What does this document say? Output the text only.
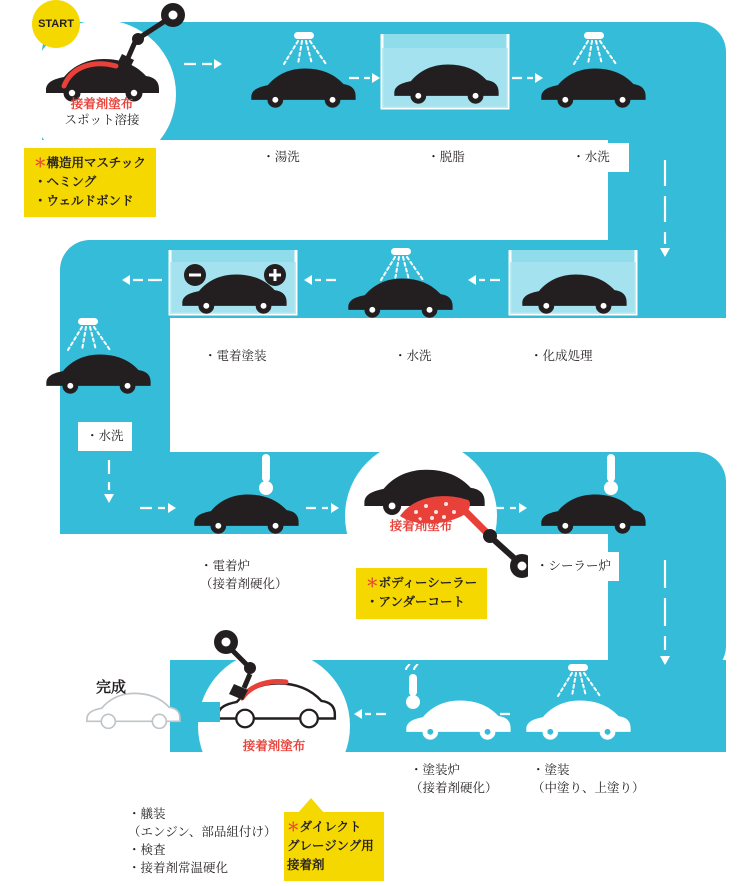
START
接着剤塗布
スポット溶接
＊構造用マスチック
・ヘミング
・ウェルドボンド
・湯洗	・脱脂	・水洗
・化成処理
・水洗
・電着塗装
・水洗
・電着炉
（接着剤硬化）
接着剤塗布
＊ボディーシーラー
・アンダーコート
・シーラー炉
・塗装
（中塗り、上塗り）
・塗装炉
（接着剤硬化）
接着剤塗布
＊ダイレクト
グレージング用
接着剤
・艤装
（エンジン、部品組付け）
・検査
・接着剤常温硬化
完成
